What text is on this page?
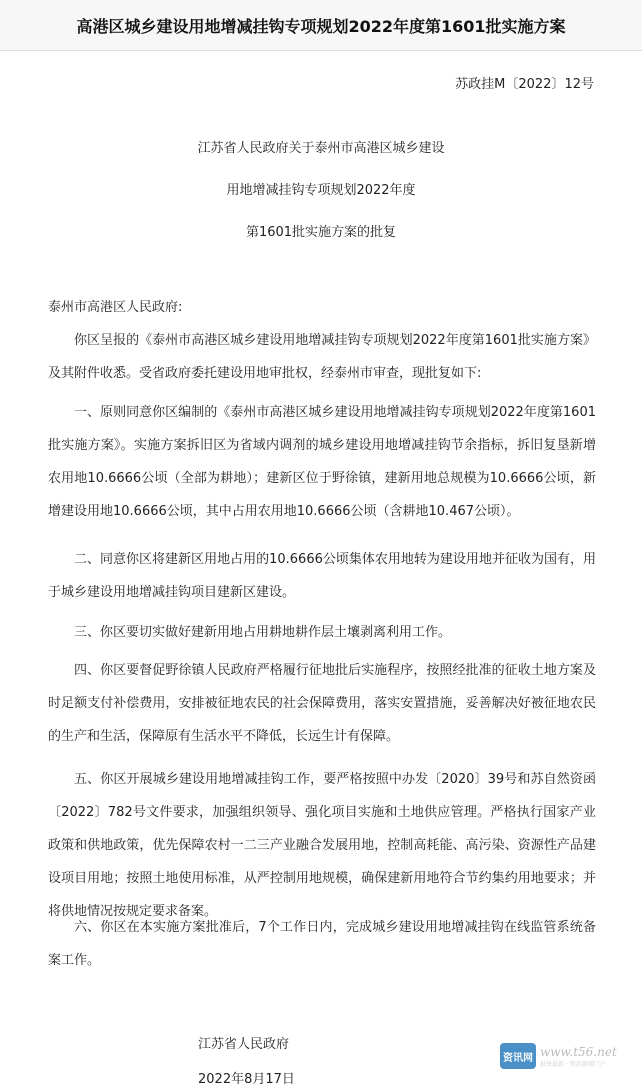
高港区城乡建设用地增减挂钩专项规划2022年度第1601批实施方案
苏政挂M〔2022〕12号
江苏省人民政府关于泰州市高港区城乡建设
用地增减挂钩专项规划2022年度
第1601批实施方案的批复
泰州市高港区人民政府:

你区呈报的《泰州市高港区城乡建设用地增减挂钩专项规划2022年度第1601批实施方案》及其附件收悉。受省政府委托建设用地审批权，经泰州市审查，现批复如下:

一、原则同意你区编制的《泰州市高港区城乡建设用地增减挂钩专项规划2022年度第1601批实施方案》。实施方案拆旧区为省域内调剂的城乡建设用地增减挂钩节余指标，拆旧复垦新增农用地10.6666公顷（全部为耕地）；建新区位于野徐镇，建新用地总规模为10.6666公顷，新增建设用地10.6666公顷，其中占用农用地10.6666公顷（含耕地10.467公顷）。

二、同意你区将建新区用地占用的10.6666公顷集体农用地转为建设用地并征收为国有，用于城乡建设用地增减挂钩项目建新区建设。

三、你区要切实做好建新用地占用耕地耕作层土壤剥离利用工作。

四、你区要督促野徐镇人民政府严格履行征地批后实施程序，按照经批准的征收土地方案及时足额支付补偿费用，安排被征地农民的社会保障费用，落实安置措施，妥善解决好被征地农民的生产和生活，保障原有生活水平不降低，长远生计有保障。

五、你区开展城乡建设用地增减挂钩工作，要严格按照中办发〔2020〕39号和苏自然资函〔2022〕782号文件要求，加强组织领导、强化项目实施和土地供应管理。严格执行国家产业政策和供地政策，优先保障农村一二三产业融合发展用地，控制高耗能、高污染、资源性产品建设项目用地；按照土地使用标准，从严控制用地规模，确保建新用地符合节约集约用地要求；并将供地情况按规定要求备案。

六、你区在本实施方案批准后，7个工作日内，完成城乡建设用地增减挂钩在线监管系统备案工作。

江苏省人民政府
2022年8月17日
资讯网 www.t56.net
最快最新 · 资讯新闻门户
